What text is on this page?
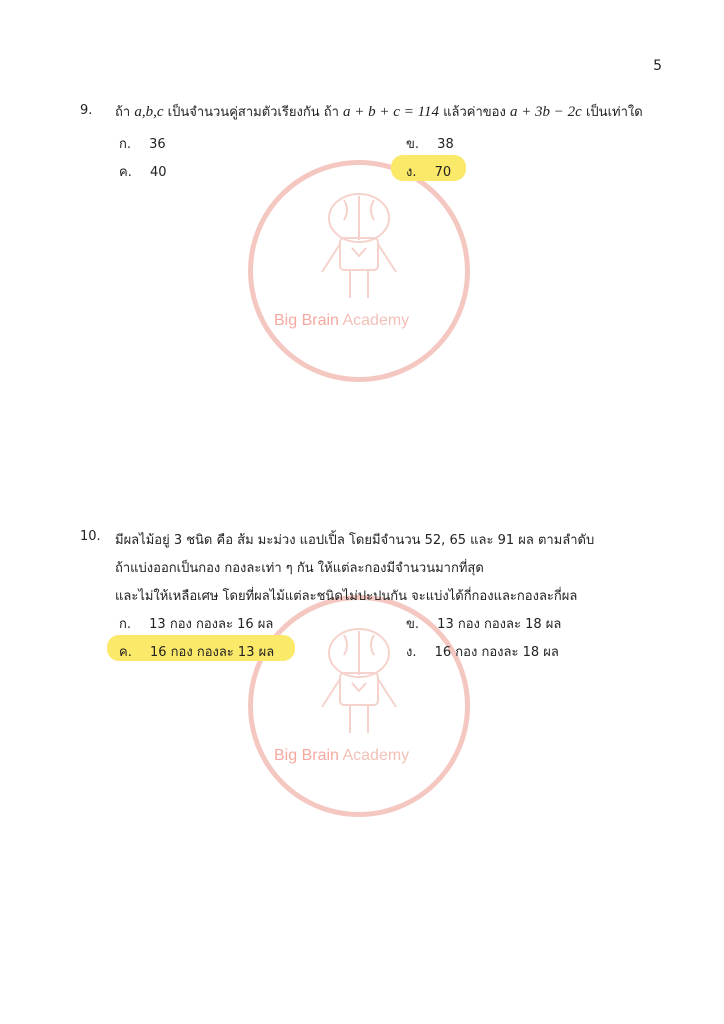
Big Brain Academy
Big Brain Academy
5
9. ถ้า a,b,c เป็นจำนวนคู่สามตัวเรียงกัน ถ้า a + b + c = 114 แล้วค่าของ a + 3b − 2c เป็นเท่าใด
ก. 36	ข. 38
ค. 40	ง. 70
10. มีผลไม้อยู่ 3 ชนิด คือ ส้ม มะม่วง แอปเปิ้ล โดยมีจำนวน 52, 65 และ 91 ผล ตามลำดับ
ถ้าแบ่งออกเป็นกอง กองละเท่า ๆ กัน ให้แต่ละกองมีจำนวนมากที่สุด
และไม่ให้เหลือเศษ โดยที่ผลไม้แต่ละชนิดไม่ปะปนกัน จะแบ่งได้กี่กองและกองละกี่ผล
ก. 13 กอง กองละ 16 ผล	ข. 13 กอง กองละ 18 ผล
ค. 16 กอง กองละ 13 ผล	ง. 16 กอง กองละ 18 ผล
